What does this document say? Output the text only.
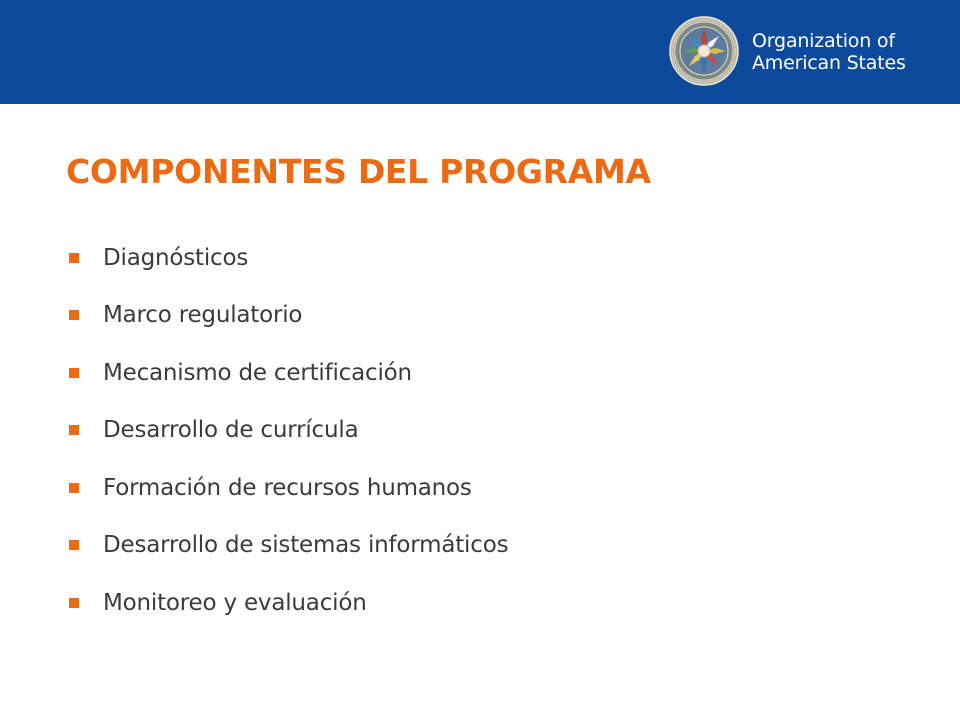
Organization of
American States
COMPONENTES DEL PROGRAMA
Diagnósticos
Marco regulatorio
Mecanismo de certificación
Desarrollo de currícula
Formación de recursos humanos
Desarrollo de sistemas informáticos
Monitoreo y evaluación
